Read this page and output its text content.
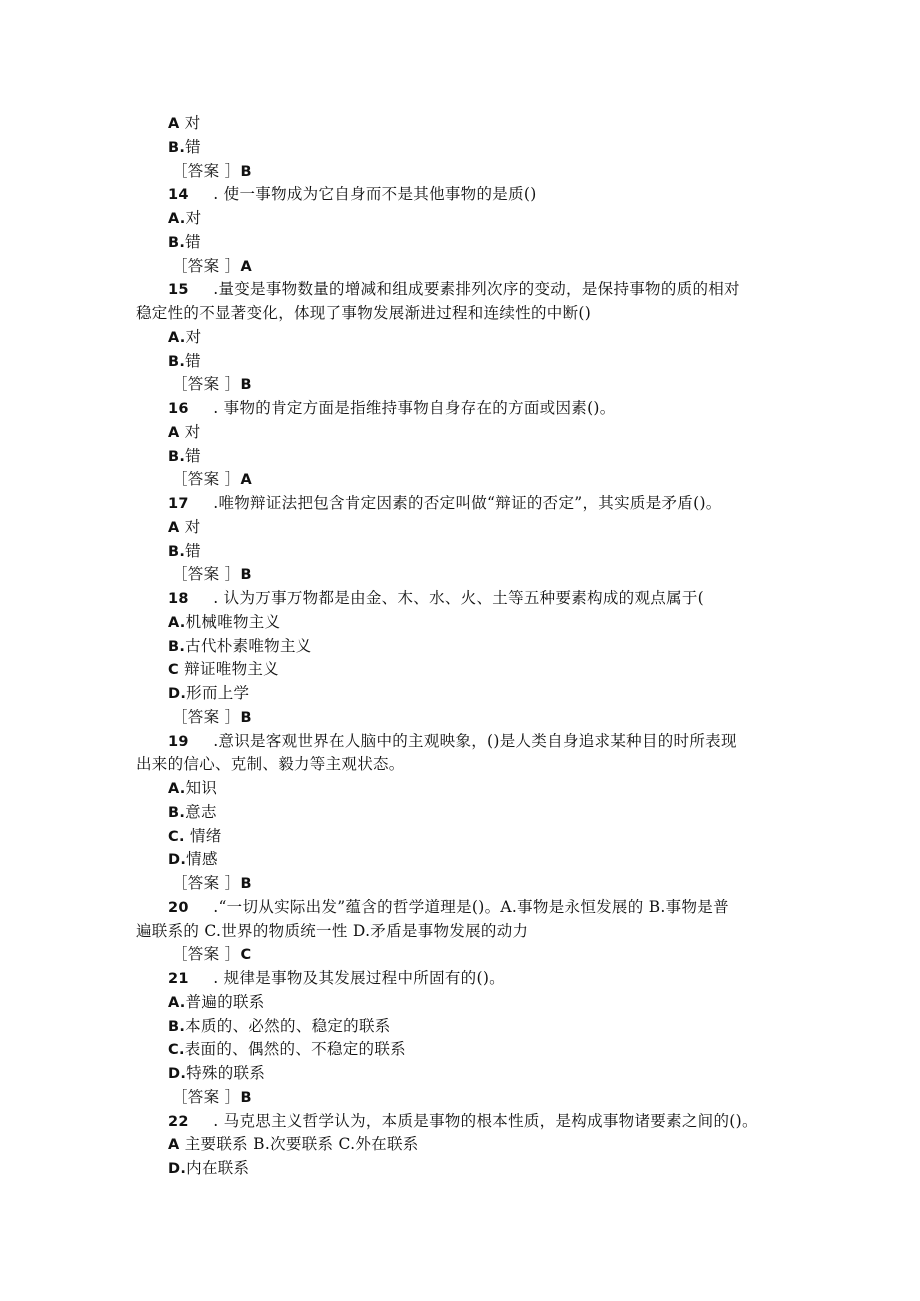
A 对
B.错
［答案 ］B
14 . 使一事物成为它自身而不是其他事物的是质()
A.对
B.错
［答案 ］A
15 .量变是事物数量的增减和组成要素排列次序的变动，是保持事物的质的相对
稳定性的不显著变化，体现了事物发展渐进过程和连续性的中断()
A.对
B.错
［答案 ］B
16 . 事物的肯定方面是指维持事物自身存在的方面或因素()。
A 对
B.错
［答案 ］A
17 .唯物辩证法把包含肯定因素的否定叫做“辩证的否定”，其实质是矛盾()。
A 对
B.错
［答案 ］B
18 . 认为万事万物都是由金、木、水、火、土等五种要素构成的观点属于(
A.机械唯物主义
B.古代朴素唯物主义
C 辩证唯物主义
D.形而上学
［答案 ］B
19 .意识是客观世界在人脑中的主观映象，()是人类自身追求某种目的时所表现
出来的信心、克制、毅力等主观状态。
A.知识
B.意志
C. 情绪
D.情感
［答案 ］B
20 .“一切从实际出发”蕴含的哲学道理是()。A.事物是永恒发展的 B.事物是普
遍联系的 C.世界的物质统一性 D.矛盾是事物发展的动力
［答案 ］C
21 . 规律是事物及其发展过程中所固有的()。
A.普遍的联系
B.本质的、必然的、稳定的联系
C.表面的、偶然的、不稳定的联系
D.特殊的联系
［答案 ］B
22 . 马克思主义哲学认为，本质是事物的根本性质，是构成事物诸要素之间的()。
A 主要联系 B.次要联系 C.外在联系
D.内在联系
